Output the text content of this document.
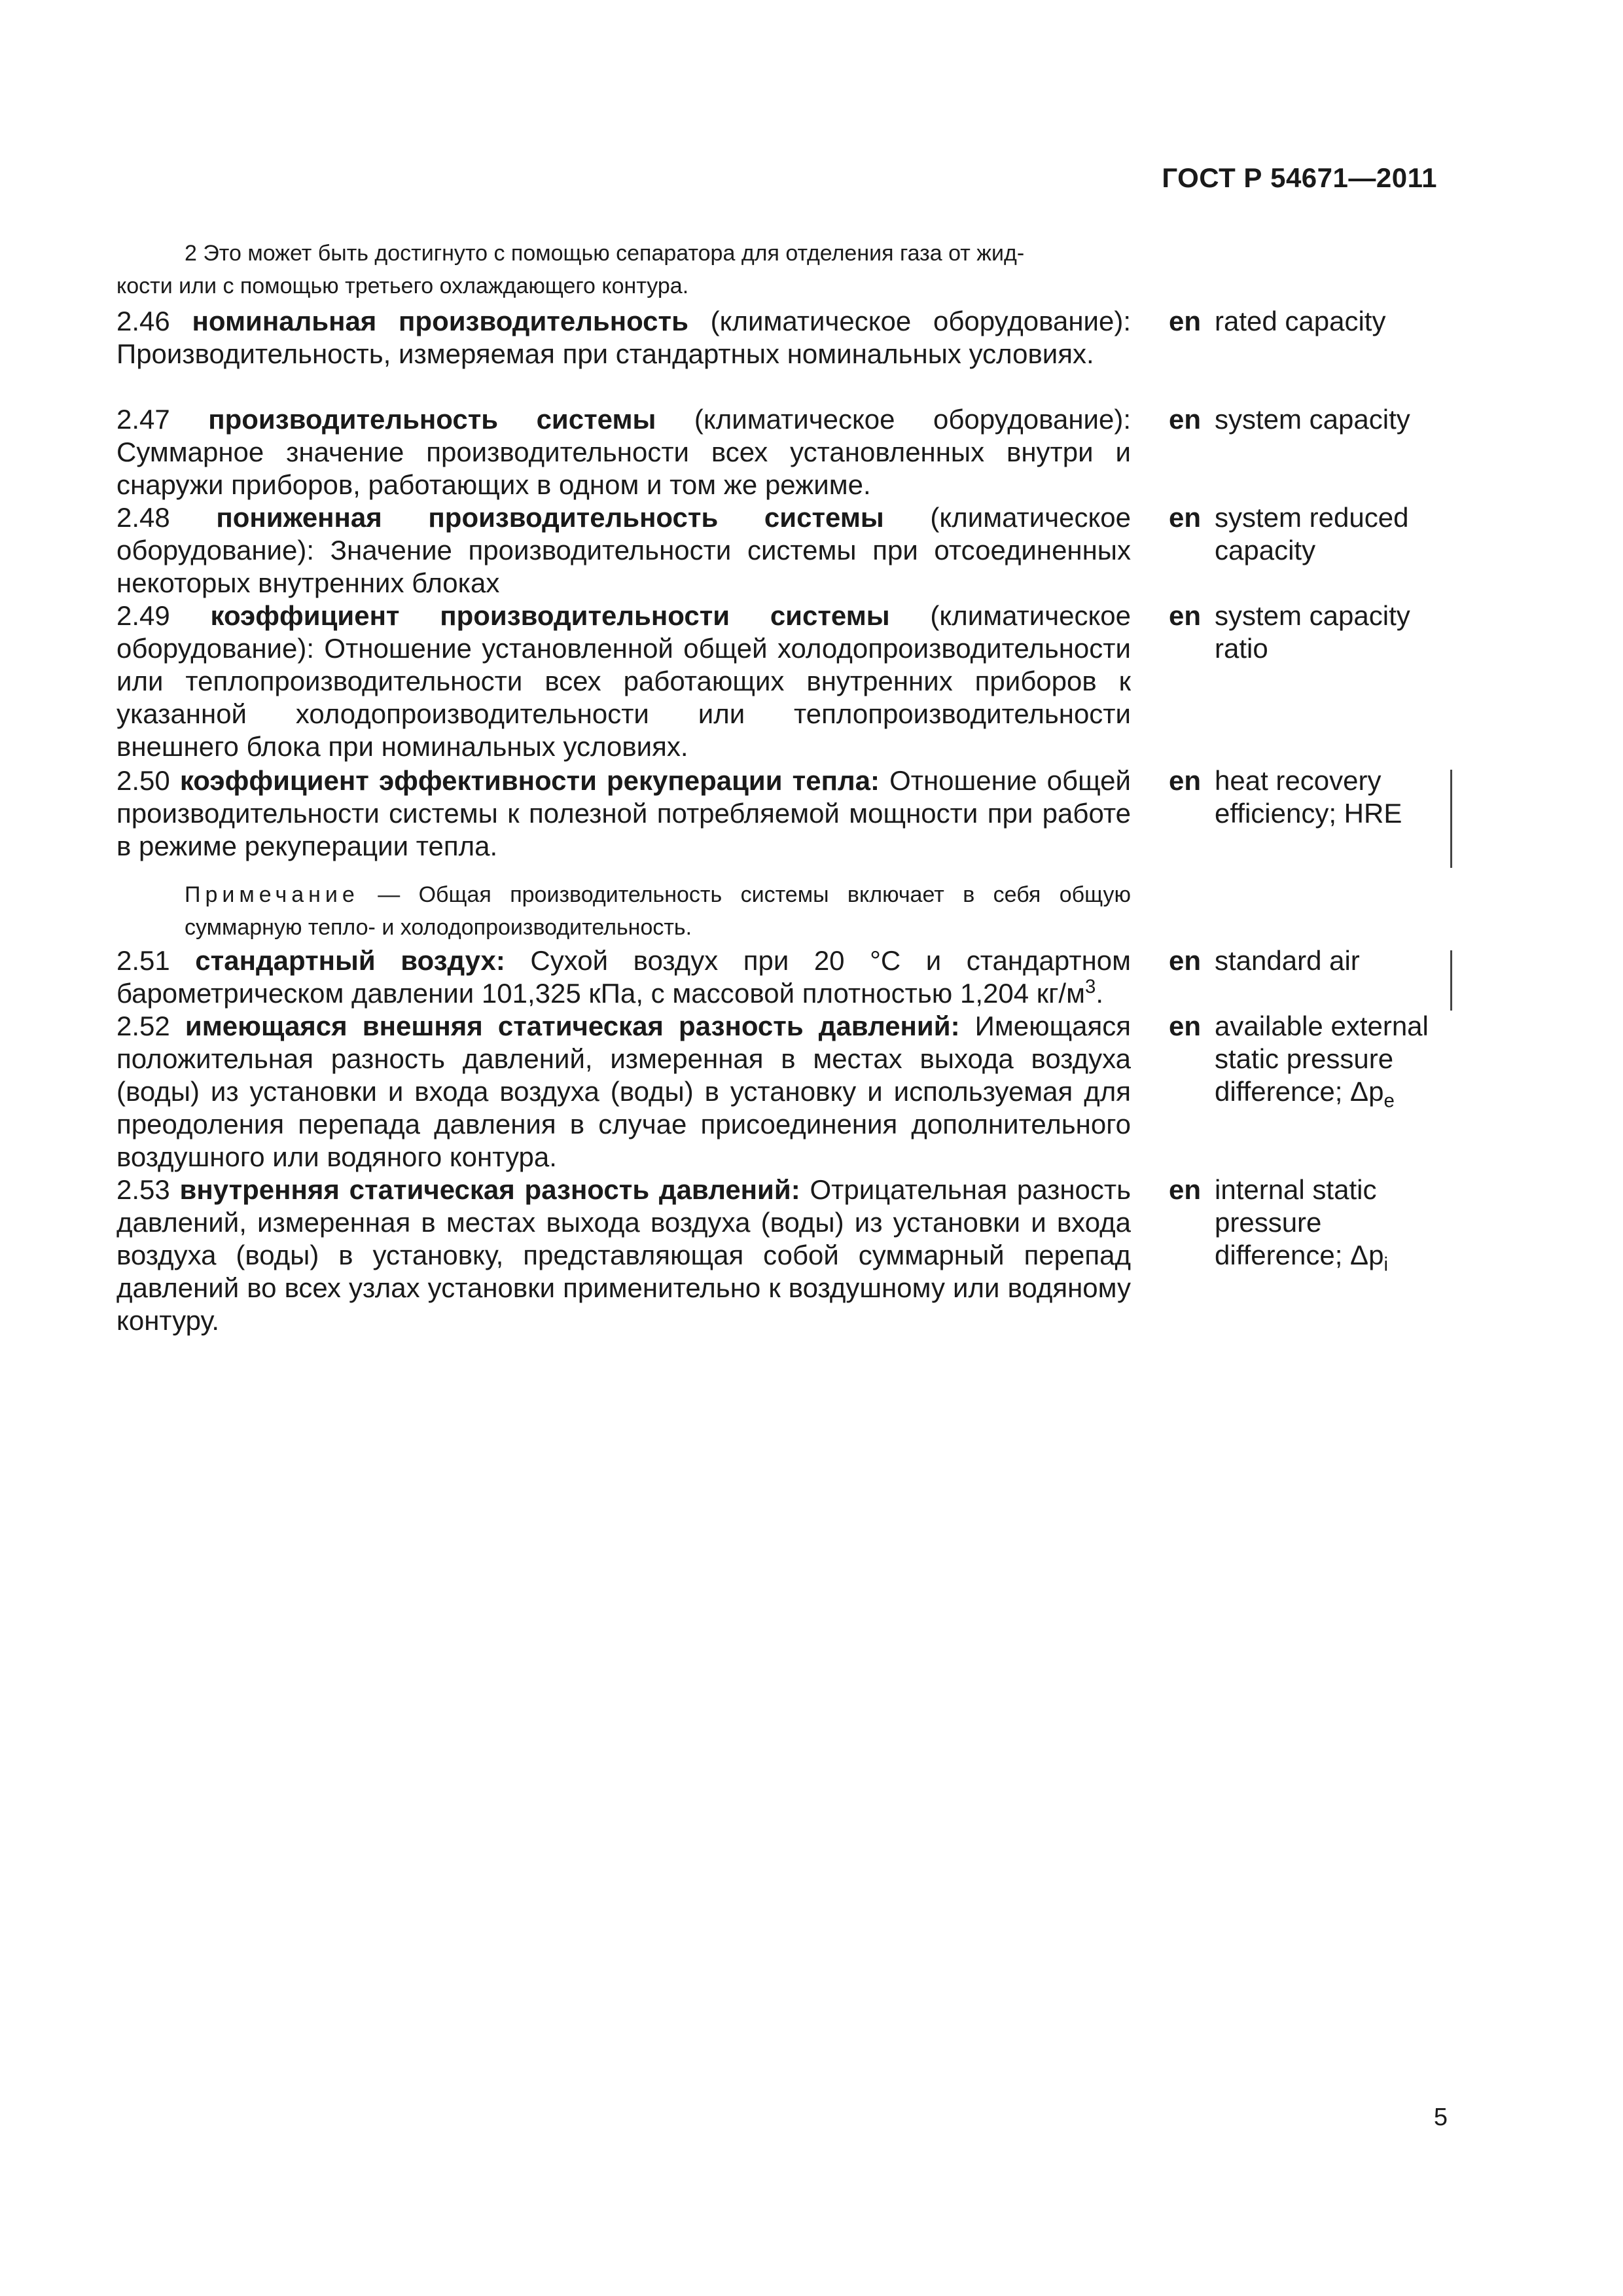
ГОСТ Р 54671—2011
2 Это может быть достигнуто с помощью сепаратора для отделения газа от жид-
кости или с помощью третьего охлаждающего контура.
2.46 номинальная производительность (климатическое оборудование): Производительность, измеряемая при стандартных номинальных условиях.
en rated capacity
2.47 производительность системы (климатическое оборудование): Суммарное значение производительности всех установленных внутри и снаружи приборов, работающих в одном и том же режиме.
en system capacity
2.48 пониженная производительность системы (климатическое оборудование): Значение производительности системы при отсоединенных некоторых внутренних блоках
en system reduced capacity
2.49 коэффициент производительности системы (климатическое оборудование): Отношение установленной общей холодопроизводительности или теплопроизводительности всех работающих внутренних приборов к указанной холодопроизводительности или теплопроизводительности внешнего блока при номинальных условиях.
en system capacity ratio
2.50 коэффициент эффективности рекуперации тепла: Отношение общей производительности системы к полезной потребляемой мощности при работе в режиме рекуперации тепла.
en heat recovery efficiency; HRE
Примечание — Общая производительность системы включает в себя общую суммарную тепло- и холодопроизводительность.
2.51 стандартный воздух: Сухой воздух при 20 °С и стандартном барометрическом давлении 101,325 кПа, с массовой плотностью 1,204 $кг/м^3$.
en standard air
2.52 имеющаяся внешняя статическая разность давлений: Имеющаяся положительная разность давлений, измеренная в местах выхода воздуха (воды) из установки и входа воздуха (воды) в установку и используемая для преодоления перепада давления в случае присоединения дополнительного воздушного или водяного контура.
en available external static pressure difference; $\Delta p_e$
2.53 внутренняя статическая разность давлений: Отрицательная разность давлений, измеренная в местах выхода воздуха (воды) из установки и входа воздуха (воды) в установку, представляющая собой суммарный перепад давлений во всех узлах установки применительно к воздушному или водяному контуру.
en internal static pressure difference; $\Delta p_i$
5
